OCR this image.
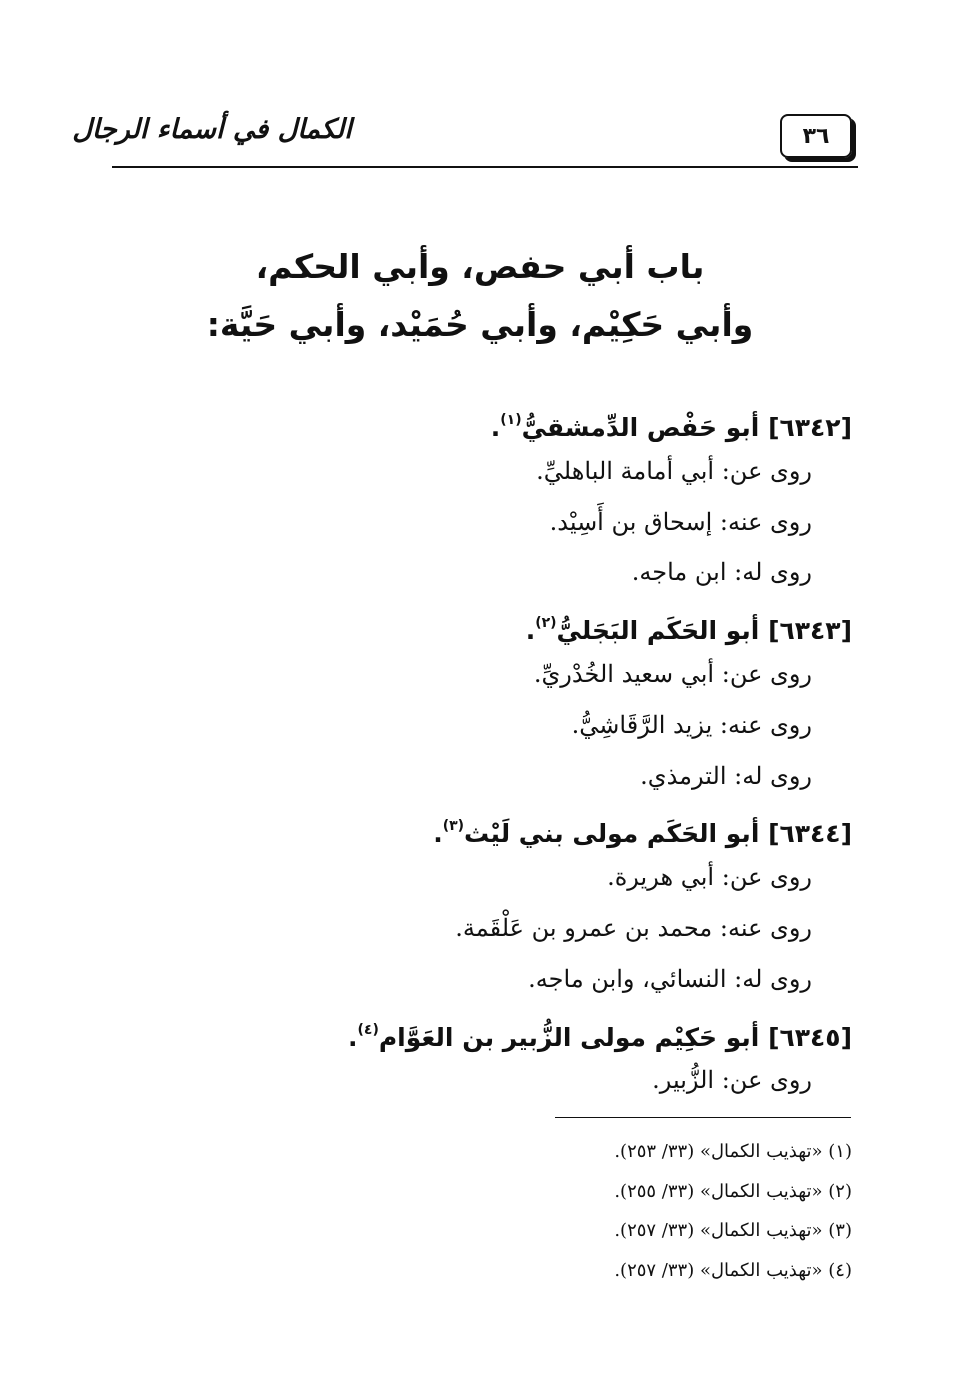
٣٦
الكمال في أسماء الرجال
باب أبي حفص، وأبي الحكم،
وأبي حَكِيْم، وأبي حُمَيْد، وأبي حَيَّة:
[٦٣٤٢] أبو حَفْص الدِّمشقيُّ$^{(١)}$.
روى عن: أبي أمامة الباهليِّ.
روى عنه: إسحاق بن أَسِيْد.
روى له: ابن ماجه.
[٦٣٤٣] أبو الحَكَم البَجَليُّ$^{(٢)}$.
روى عن: أبي سعيد الخُدْريِّ.
روى عنه: يزيد الرَّقَاشِيُّ.
روى له: الترمذي.
[٦٣٤٤] أبو الحَكَم مولى بني لَيْث$^{(٣)}$.
روى عن: أبي هريرة.
روى عنه: محمد بن عمرو بن عَلْقَمة.
روى له: النسائي، وابن ماجه.
[٦٣٤٥] أبو حَكِيْم مولى الزُّبير بن العَوَّام$^{(٤)}$.
روى عن: الزُّبير.
(١) «تهذيب الكمال» (٣٣/ ٢٥٣).
(٢) «تهذيب الكمال» (٣٣/ ٢٥٥).
(٣) «تهذيب الكمال» (٣٣/ ٢٥٧).
(٤) «تهذيب الكمال» (٣٣/ ٢٥٧).
